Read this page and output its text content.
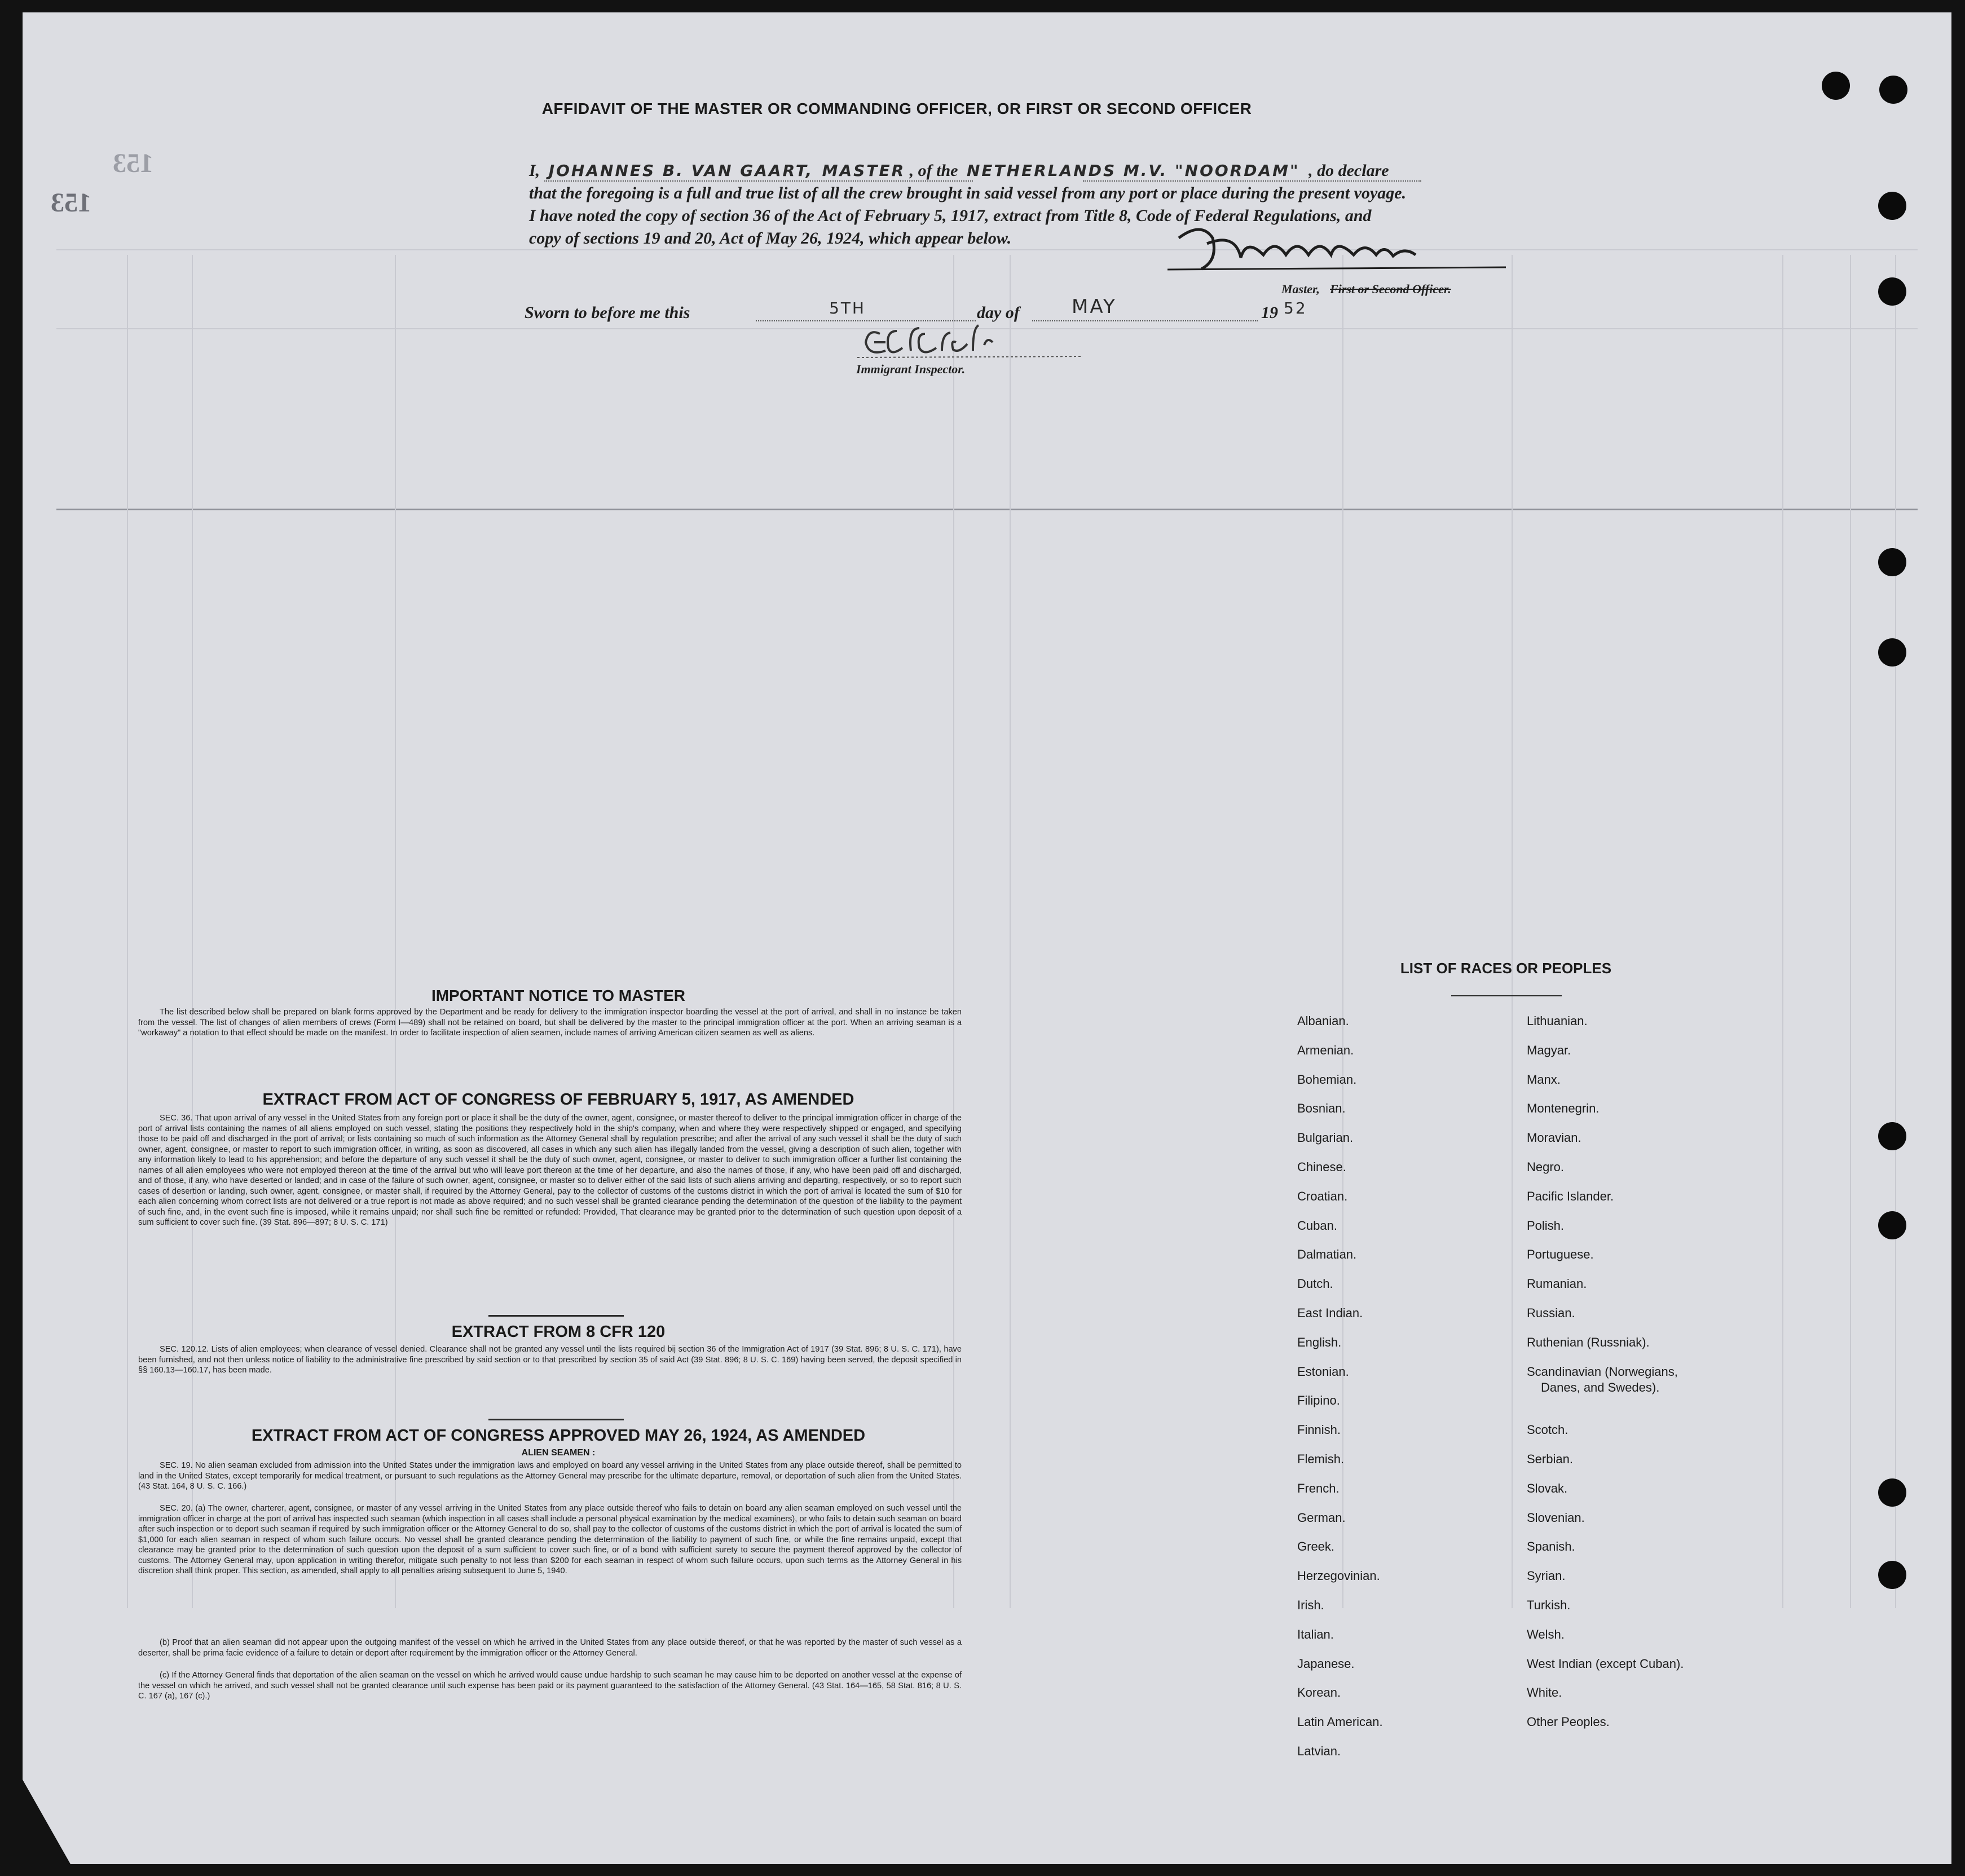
153
153
AFFIDAVIT OF THE MASTER OR COMMANDING OFFICER, OR FIRST OR SECOND OFFICER
I, JOHANNES B. VAN GAART, MASTER , of the NETHERLANDS M.V. "NOORDAM" , do declare
that the foregoing is a full and true list of all the crew brought in said vessel from any port or place during the present voyage.
I have noted the copy of section 36 of the Act of February 5, 1917, extract from Title 8, Code of Federal Regulations, and
copy of sections 19 and 20, Act of May 26, 1924, which appear below.
Master, First or Second Officer.
Sworn to before me this	5TH	day of	MAY	19 52
Immigrant Inspector.
IMPORTANT NOTICE TO MASTER
The list described below shall be prepared on blank forms approved by the Department and be ready for delivery to the immigration inspector boarding the vessel at the port of arrival, and shall in no instance be taken from the vessel. The list of changes of alien members of crews (Form I—489) shall not be retained on board, but shall be delivered by the master to the principal immigration officer at the port. When an arriving seaman is a "workaway" a notation to that effect should be made on the manifest. In order to facilitate inspection of alien seamen, include names of arriving American citizen seamen as well as aliens.
EXTRACT FROM ACT OF CONGRESS OF FEBRUARY 5, 1917, AS AMENDED
SEC. 36. That upon arrival of any vessel in the United States from any foreign port or place it shall be the duty of the owner, agent, consignee, or master thereof to deliver to the principal immigration officer in charge of the port of arrival lists containing the names of all aliens employed on such vessel, stating the positions they respectively hold in the ship's company, when and where they were respectively shipped or engaged, and specifying those to be paid off and discharged in the port of arrival; or lists containing so much of such information as the Attorney General shall by regulation prescribe; and after the arrival of any such vessel it shall be the duty of such owner, agent, consignee, or master to report to such immigration officer, in writing, as soon as discovered, all cases in which any such alien has illegally landed from the vessel, giving a description of such alien, together with any information likely to lead to his apprehension; and before the departure of any such vessel it shall be the duty of such owner, agent, consignee, or master to deliver to such immigration officer a further list containing the names of all alien employees who were not employed thereon at the time of the arrival but who will leave port thereon at the time of her departure, and also the names of those, if any, who have been paid off and discharged, and of those, if any, who have deserted or landed; and in case of the failure of such owner, agent, consignee, or master so to deliver either of the said lists of such aliens arriving and departing, respectively, or so to report such cases of desertion or landing, such owner, agent, consignee, or master shall, if required by the Attorney General, pay to the collector of customs of the customs district in which the port of arrival is located the sum of $10 for each alien concerning whom correct lists are not delivered or a true report is not made as above required; and no such vessel shall be granted clearance pending the determination of the question of the liability to the payment of such fine, and, in the event such fine is imposed, while it remains unpaid; nor shall such fine be remitted or refunded: Provided, That clearance may be granted prior to the determination of such question upon deposit of a sum sufficient to cover such fine. (39 Stat. 896—897; 8 U. S. C. 171)
EXTRACT FROM 8 CFR 120
SEC. 120.12. Lists of alien employees; when clearance of vessel denied. Clearance shall not be granted any vessel until the lists required bij section 36 of the Immigration Act of 1917 (39 Stat. 896; 8 U. S. C. 171), have been furnished, and not then unless notice of liability to the administrative fine prescribed by said section or to that prescribed by section 35 of said Act (39 Stat. 896; 8 U. S. C. 169) having been served, the deposit specified in §§ 160.13—160.17, has been made.
EXTRACT FROM ACT OF CONGRESS APPROVED MAY 26, 1924, AS AMENDED
ALIEN SEAMEN :
SEC. 19. No alien seaman excluded from admission into the United States under the immigration laws and employed on board any vessel arriving in the United States from any place outside thereof, shall be permitted to land in the United States, except temporarily for medical treatment, or pursuant to such regulations as the Attorney General may prescribe for the ultimate departure, removal, or deportation of such alien from the United States. (43 Stat. 164, 8 U. S. C. 166.)
SEC. 20. (a) The owner, charterer, agent, consignee, or master of any vessel arriving in the United States from any place outside thereof who fails to detain on board any alien seaman employed on such vessel until the immigration officer in charge at the port of arrival has inspected such seaman (which inspection in all cases shall include a personal physical examination by the medical examiners), or who fails to detain such seaman on board after such inspection or to deport such seaman if required by such immigration officer or the Attorney General to do so, shall pay to the collector of customs of the customs district in which the port of arrival is located the sum of $1,000 for each alien seaman in respect of whom such failure occurs. No vessel shall be granted clearance pending the determination of the liability to payment of such fine, or while the fine remains unpaid, except that clearance may be granted prior to the determination of such question upon the deposit of a sum sufficient to cover such fine, or of a bond with sufficient surety to secure the payment thereof approved by the collector of customs. The Attorney General may, upon application in writing therefor, mitigate such penalty to not less than $200 for each seaman in respect of whom such failure occurs, upon such terms as the Attorney General in his discretion shall think proper. This section, as amended, shall apply to all penalties arising subsequent to June 5, 1940.
(b) Proof that an alien seaman did not appear upon the outgoing manifest of the vessel on which he arrived in the United States from any place outside thereof, or that he was reported by the master of such vessel as a deserter, shall be prima facie evidence of a failure to detain or deport after requirement by the immigration officer or the Attorney General.
(c) If the Attorney General finds that deportation of the alien seaman on the vessel on which he arrived would cause undue hardship to such seaman he may cause him to be deported on another vessel at the expense of the vessel on which he arrived, and such vessel shall not be granted clearance until such expense has been paid or its payment guaranteed to the satisfaction of the Attorney General. (43 Stat. 164—165, 58 Stat. 816; 8 U. S. C. 167 (a), 167 (c).)
LIST OF RACES OR PEOPLES
Albanian.
Armenian.
Bohemian.
Bosnian.
Bulgarian.
Chinese.
Croatian.
Cuban.
Dalmatian.
Dutch.
East Indian.
English.
Estonian.
Filipino.
Finnish.
Flemish.
French.
German.
Greek.
Herzegovinian.
Irish.
Italian.
Japanese.
Korean.
Latin American.
Latvian.
Lithuanian.
Magyar.
Manx.
Montenegrin.
Moravian.
Negro.
Pacific Islander.
Polish.
Portuguese.
Rumanian.
Russian.
Ruthenian (Russniak).
Scandinavian (Norwegians,
Danes, and Swedes).
Scotch.
Serbian.
Slovak.
Slovenian.
Spanish.
Syrian.
Turkish.
Welsh.
West Indian (except Cuban).
White.
Other Peoples.
